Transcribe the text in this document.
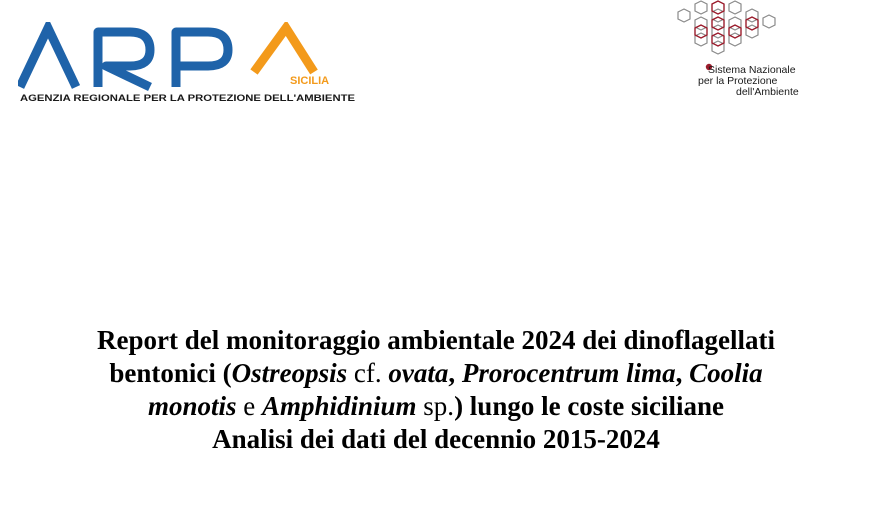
SICILIA
AGENZIA REGIONALE PER LA PROTEZIONE DELL'AMBIENTE
Sistema Nazionale
per la Protezione
dell'Ambiente
Report del monitoraggio ambientale 2024 dei dinoflagellati
bentonici (Ostreopsis cf. ovata, Prorocentrum lima, Coolia
monotis e Amphidinium sp.) lungo le coste siciliane
Analisi dei dati del decennio 2015-2024
